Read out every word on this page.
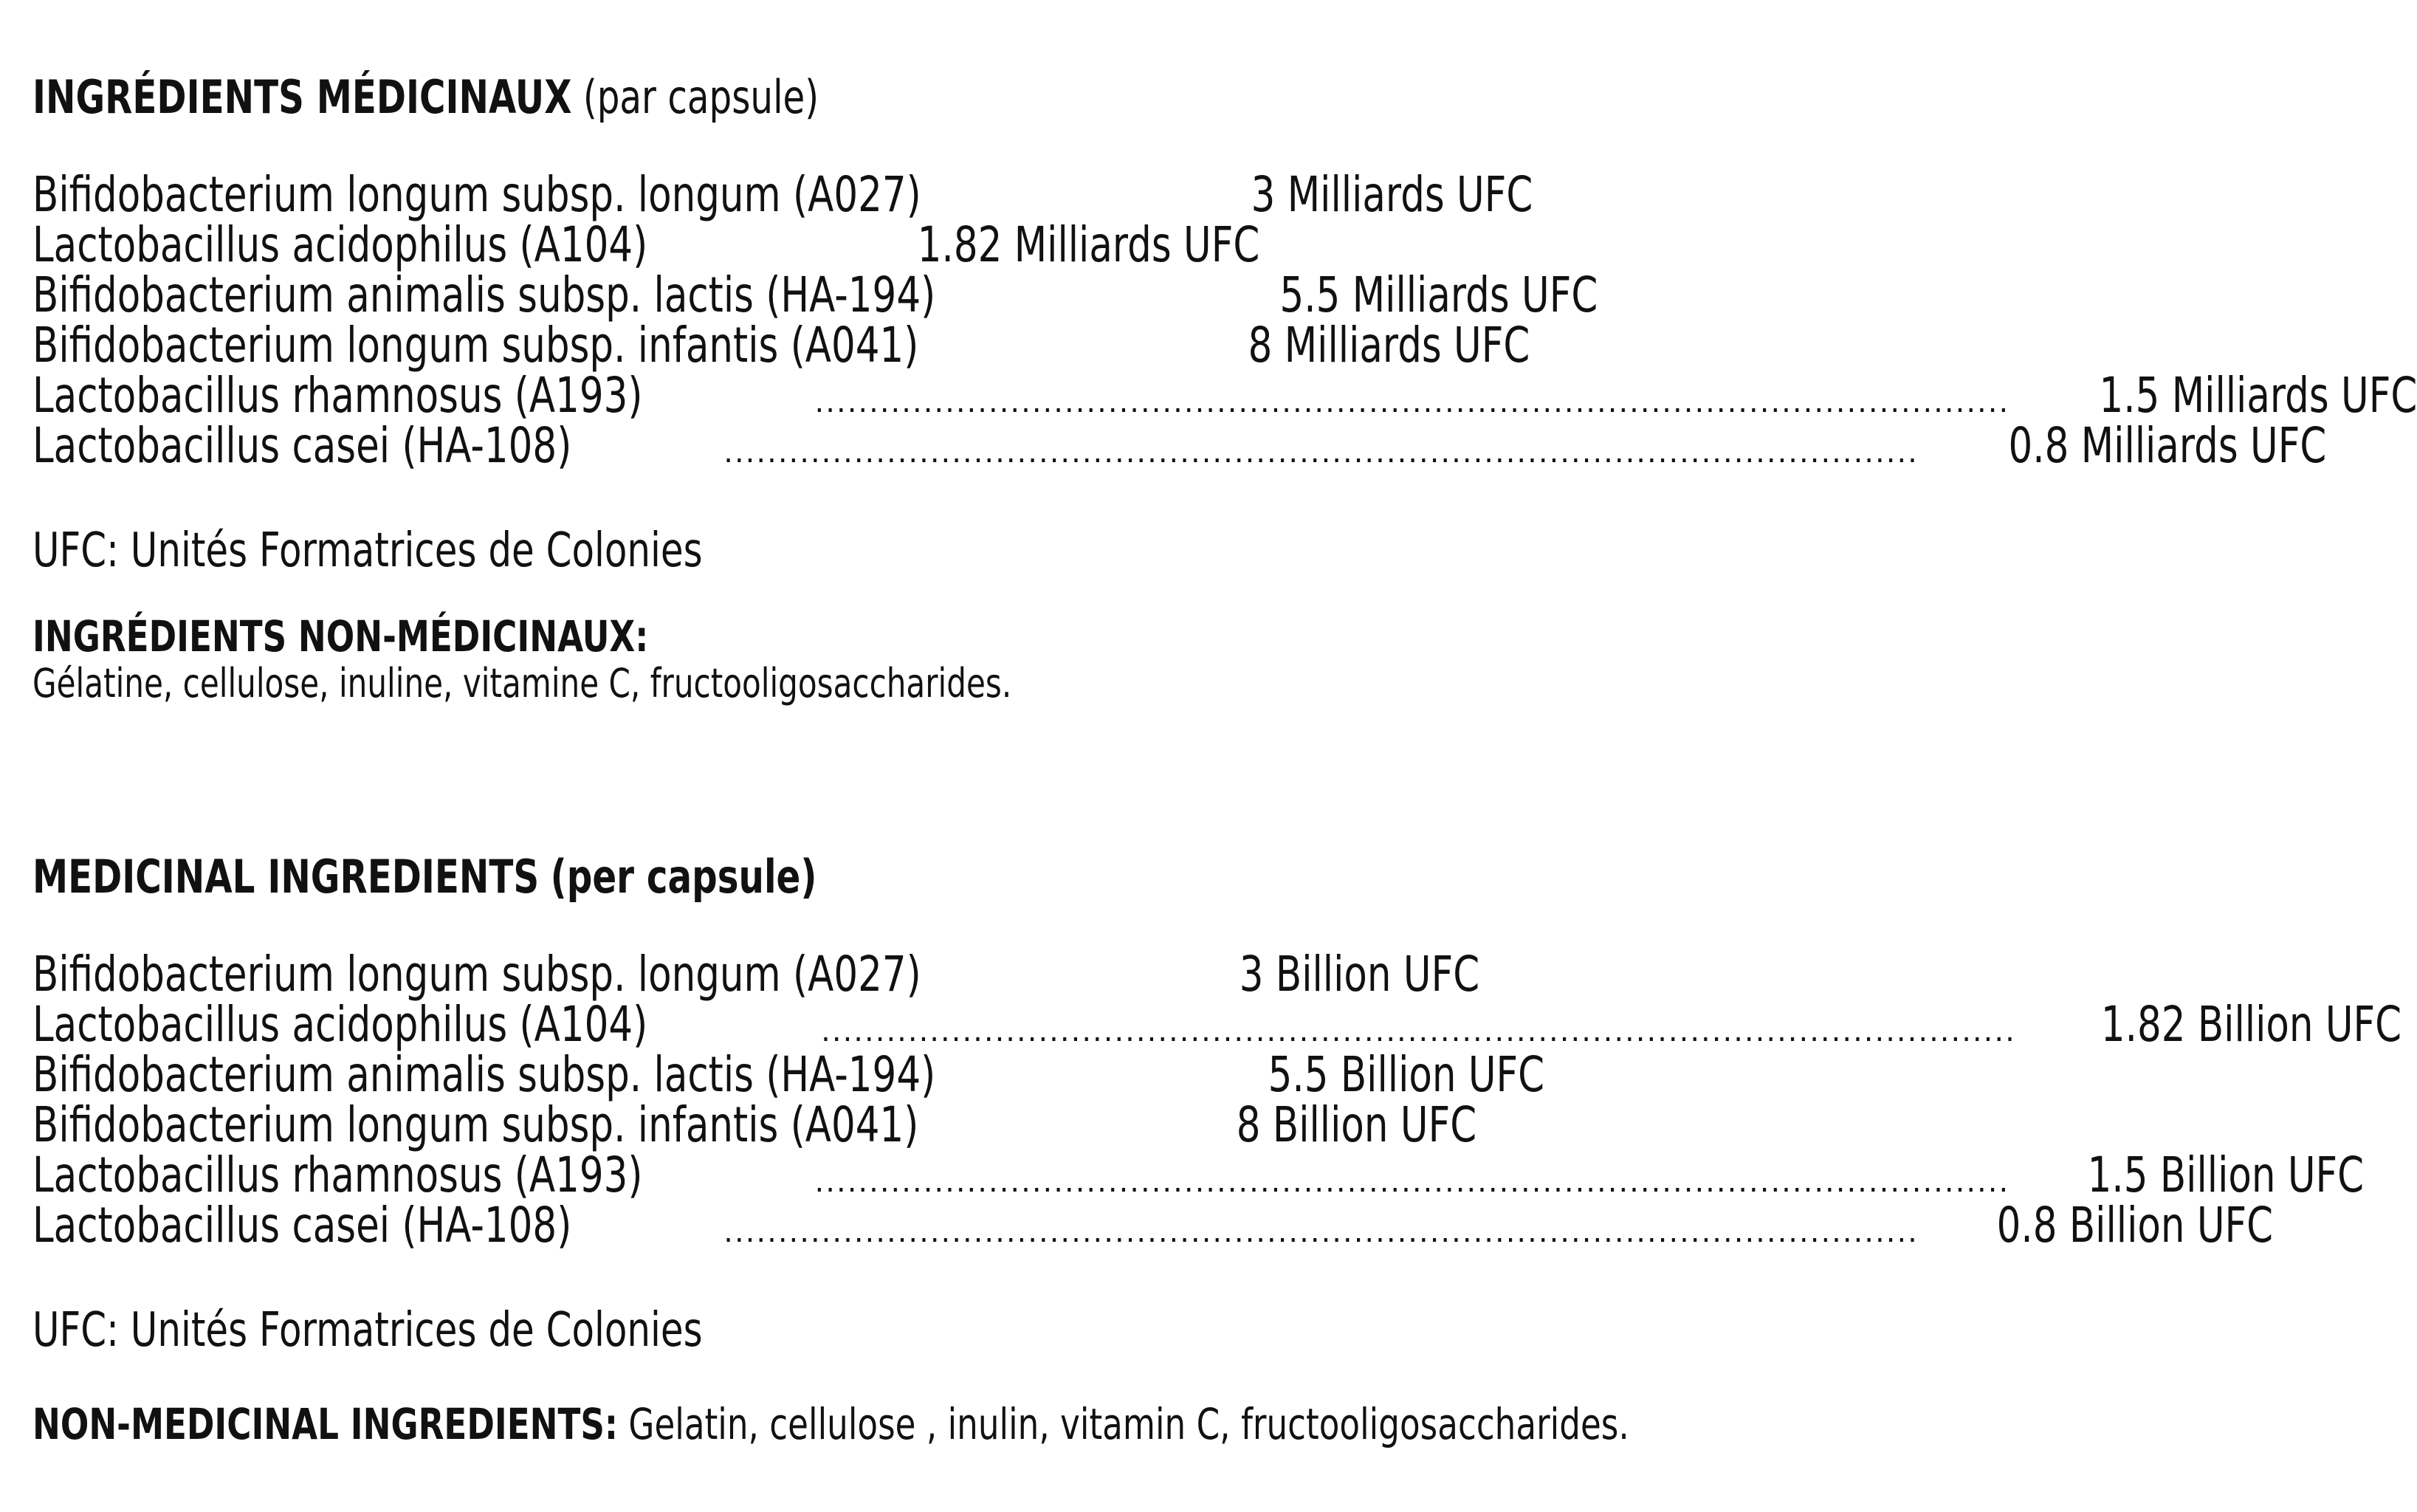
INGRÉDIENTS MÉDICINAUX (par capsule)
Bifidobacterium longum subsp. longum (A027)	3 Milliards UFC
Lactobacillus acidophilus (A104)	1.82 Milliards UFC
Bifidobacterium animalis subsp. lactis (HA-194)	5.5 Milliards UFC
Bifidobacterium longum subsp. infantis (A041)	8 Milliards UFC
Lactobacillus rhamnosus (A193)	.............................................................................................................. 1.5 Milliards UFC
Lactobacillus casei (HA-108)	.............................................................................................................. 0.8 Milliards UFC
UFC: Unités Formatrices de Colonies
INGRÉDIENTS NON-MÉDICINAUX:
Gélatine, cellulose, inuline, vitamine C, fructooligosaccharides.
MEDICINAL INGREDIENTS (per capsule)
Bifidobacterium longum subsp. longum (A027)	3 Billion UFC
Lactobacillus acidophilus (A104)	.............................................................................................................. 1.82 Billion UFC
Bifidobacterium animalis subsp. lactis (HA-194)	5.5 Billion UFC
Bifidobacterium longum subsp. infantis (A041)	8 Billion UFC
Lactobacillus rhamnosus (A193)	.............................................................................................................. 1.5 Billion UFC
Lactobacillus casei (HA-108)	.............................................................................................................. 0.8 Billion UFC
UFC: Unités Formatrices de Colonies
NON-MEDICINAL INGREDIENTS: Gelatin, cellulose , inulin, vitamin C, fructooligosaccharides.
